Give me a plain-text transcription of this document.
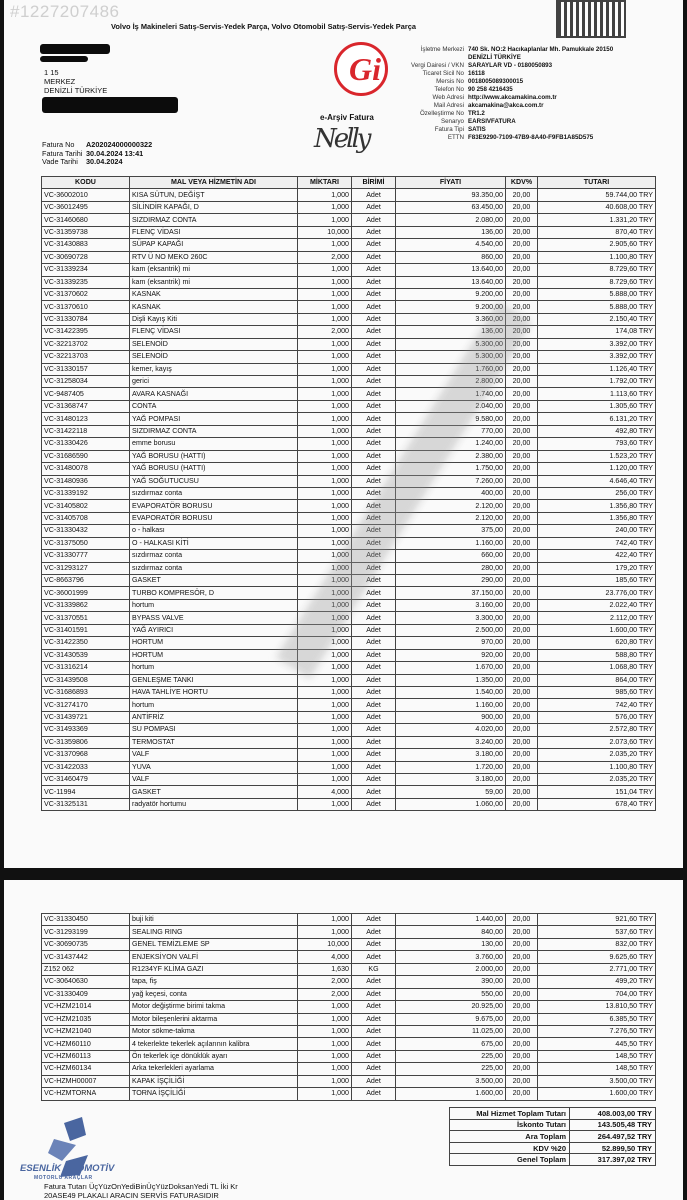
#1227207486
Volvo İş Makineleri Satış-Servis-Yedek Parça, Volvo Otomobil Satış-Servis-Yedek Parça
1 15
MERKEZ
DENİZLİ TÜRKİYE
Gi
e-Arşiv Fatura
Nelly
İşletme Merkezi 740 Sk. NO:2 Hacıkaplanlar Mh. Pamukkale 20150
DENİZLİ TÜRKİYE
Vergi Dairesi / VKN SARAYLAR VD - 0180050893
Ticaret Sicil No 16118
Mersis No 0018005089300015
Telefon No 90 258 4216435
Web Adresi http://www.akcamakina.com.tr
Mail Adresi akcamakina@akca.com.tr
Özelleştirme No TR1.2
Senaryo EARSIVFATURA
Fatura Tipi SATIS
ETTN F83E9290-7109-47B9-8A40-F9FB1A85D575
Fatura No	A202024000000322
Fatura Tarihi 30.04.2024 13:41
Vade Tarihi	30.04.2024
KODU	MAL VEYA HİZMETİN ADI	MİKTARI	BİRİMİ	FİYATI	KDV%	TUTARI
VC-36002010	KISA SÜTUN, DEĞİŞT	1,000	Adet	93.350,00	20,00	59.744,00 TRY
VC-36012495	SİLİNDİR KAPAĞI, D	1,000	Adet	63.450,00	20,00	40.608,00 TRY
VC-31460680	SIZDIRMAZ CONTA	1,000	Adet	2.080,00	20,00	1.331,20 TRY
VC-31359738	FLENÇ VİDASI	10,000	Adet	136,00	20,00	870,40 TRY
VC-31430883	SÜPAP KAPAĞI	1,000	Adet	4.540,00	20,00	2.905,60 TRY
VC-30690728	RTV Ü NO MEKO 260C	2,000	Adet	860,00	20,00	1.100,80 TRY
VC-31339234	kam (eksantrik) mi	1,000	Adet	13.640,00	20,00	8.729,60 TRY
VC-31339235	kam (eksantrik) mi	1,000	Adet	13.640,00	20,00	8.729,60 TRY
VC-31370602	KASNAK	1,000	Adet	9.200,00	20,00	5.888,00 TRY
VC-31370610	KASNAK	1,000	Adet	9.200,00	20,00	5.888,00 TRY
VC-31330784	Dişli Kayış Kiti	1,000	Adet	3.360,00	20,00	2.150,40 TRY
VC-31422395	FLENÇ VİDASI	2,000	Adet	136,00	20,00	174,08 TRY
VC-32213702	SELENOİD	1,000	Adet	5.300,00	20,00	3.392,00 TRY
VC-32213703	SELENOİD	1,000	Adet	5.300,00	20,00	3.392,00 TRY
VC-31330157	kemer, kayış	1,000	Adet	1.760,00	20,00	1.126,40 TRY
VC-31258034	gerici	1,000	Adet	2.800,00	20,00	1.792,00 TRY
VC-9487405	AVARA KASNAĞI	1,000	Adet	1.740,00	20,00	1.113,60 TRY
VC-31368747	CONTA	1,000	Adet	2.040,00	20,00	1.305,60 TRY
VC-31480123	YAĞ POMPASI	1,000	Adet	9.580,00	20,00	6.131,20 TRY
VC-31422118	SIZDIRMAZ CONTA	1,000	Adet	770,00	20,00	492,80 TRY
VC-31330426	emme borusu	1,000	Adet	1.240,00	20,00	793,60 TRY
VC-31686590	YAĞ BORUSU (HATTI)	1,000	Adet	2.380,00	20,00	1.523,20 TRY
VC-31480078	YAĞ BORUSU (HATTI)	1,000	Adet	1.750,00	20,00	1.120,00 TRY
VC-31480936	YAĞ SOĞUTUCUSU	1,000	Adet	7.260,00	20,00	4.646,40 TRY
VC-31339192	sızdırmaz conta	1,000	Adet	400,00	20,00	256,00 TRY
VC-31405802	EVAPORATÖR BORUSU	1,000	Adet	2.120,00	20,00	1.356,80 TRY
VC-31405708	EVAPORATÖR BORUSU	1,000	Adet	2.120,00	20,00	1.356,80 TRY
VC-31330432	o - halkası	1,000	Adet	375,00	20,00	240,00 TRY
VC-31375050	O - HALKASI KİTİ	1,000	Adet	1.160,00	20,00	742,40 TRY
VC-31330777	sızdırmaz conta	1,000	Adet	660,00	20,00	422,40 TRY
VC-31293127	sızdırmaz conta	1,000	Adet	280,00	20,00	179,20 TRY
VC-8663796	GASKET	1,000	Adet	290,00	20,00	185,60 TRY
VC-36001999	TURBO KOMPRESÖR, D	1,000	Adet	37.150,00	20,00	23.776,00 TRY
VC-31339862	hortum	1,000	Adet	3.160,00	20,00	2.022,40 TRY
VC-31370551	BYPASS VALVE	1,000	Adet	3.300,00	20,00	2.112,00 TRY
VC-31401591	YAĞ AYIRICI	1,000	Adet	2.500,00	20,00	1.600,00 TRY
VC-31422350	HORTUM	1,000	Adet	970,00	20,00	620,80 TRY
VC-31430539	HORTUM	1,000	Adet	920,00	20,00	588,80 TRY
VC-31316214	hortum	1,000	Adet	1.670,00	20,00	1.068,80 TRY
VC-31439508	GENLEŞME TANKI	1,000	Adet	1.350,00	20,00	864,00 TRY
VC-31686893	HAVA TAHLİYE HORTU	1,000	Adet	1.540,00	20,00	985,60 TRY
VC-31274170	hortum	1,000	Adet	1.160,00	20,00	742,40 TRY
VC-31439721	ANTİFRİZ	1,000	Adet	900,00	20,00	576,00 TRY
VC-31493369	SU POMPASI	1,000	Adet	4.020,00	20,00	2.572,80 TRY
VC-31359806	TERMOSTAT	1,000	Adet	3.240,00	20,00	2.073,60 TRY
VC-31370968	VALF	1,000	Adet	3.180,00	20,00	2.035,20 TRY
VC-31422033	YUVA	1,000	Adet	1.720,00	20,00	1.100,80 TRY
VC-31460479	VALF	1,000	Adet	3.180,00	20,00	2.035,20 TRY
VC-11994	GASKET	4,000	Adet	59,00	20,00	151,04 TRY
VC-31325131	radyatör hortumu	1,000	Adet	1.060,00	20,00	678,40 TRY
VC-31330450	buji kiti	1,000	Adet	1.440,00	20,00	921,60 TRY
VC-31293199	SEALING RING	1,000	Adet	840,00	20,00	537,60 TRY
VC-30690735	GENEL TEMİZLEME SP	10,000	Adet	130,00	20,00	832,00 TRY
VC-31437442	ENJEKSİYON VALFİ	4,000	Adet	3.760,00	20,00	9.625,60 TRY
Z152 062	R1234YF KLİMA GAZI	1,630	KG	2.000,00	20,00	2.771,00 TRY
VC-30640630	tapa, fiş	2,000	Adet	390,00	20,00	499,20 TRY
VC-31330409	yağ keçesi, conta	2,000	Adet	550,00	20,00	704,00 TRY
VC-HZM21014	Motor değiştirme birimi takma	1,000	Adet	20.925,00	20,00	13.810,50 TRY
VC-HZM21035	Motor bileşenlerini aktarma	1,000	Adet	9.675,00	20,00	6.385,50 TRY
VC-HZM21040	Motor sökme-takma	1,000	Adet	11.025,00	20,00	7.276,50 TRY
VC-HZM60110	4 tekerlekte tekerlek açılarının kalibra	1,000	Adet	675,00	20,00	445,50 TRY
VC-HZM60113	Ön tekerlek iç̧e dönüklük ayarı	1,000	Adet	225,00	20,00	148,50 TRY
VC-HZM60134	Arka tekerlekleri ayarlama	1,000	Adet	225,00	20,00	148,50 TRY
VC-HZMH00007	KAPAK İŞÇİLİĞİ	1,000	Adet	3.500,00	20,00	3.500,00 TRY
VC-HZMTORNA	TORNA İŞÇİLİĞİ	1,000	Adet	1.600,00	20,00	1.600,00 TRY
Mal Hizmet Toplam Tutarı	408.003,00 TRY
İskonto Tutarı	143.505,48 TRY
Ara Toplam	264.497,52 TRY
KDV %20	52.899,50 TRY
Genel Toplam	317.397,02 TRY
ESENLİK OTOMOTİV
MOTORLU ARAÇLAR
Fatura Tutarı ÜçYüzOnYediBinÜçYüzDoksanYedi TL İki Kr
20ASE49 PLAKALI ARACIN SERVİS FATURASIDIR
